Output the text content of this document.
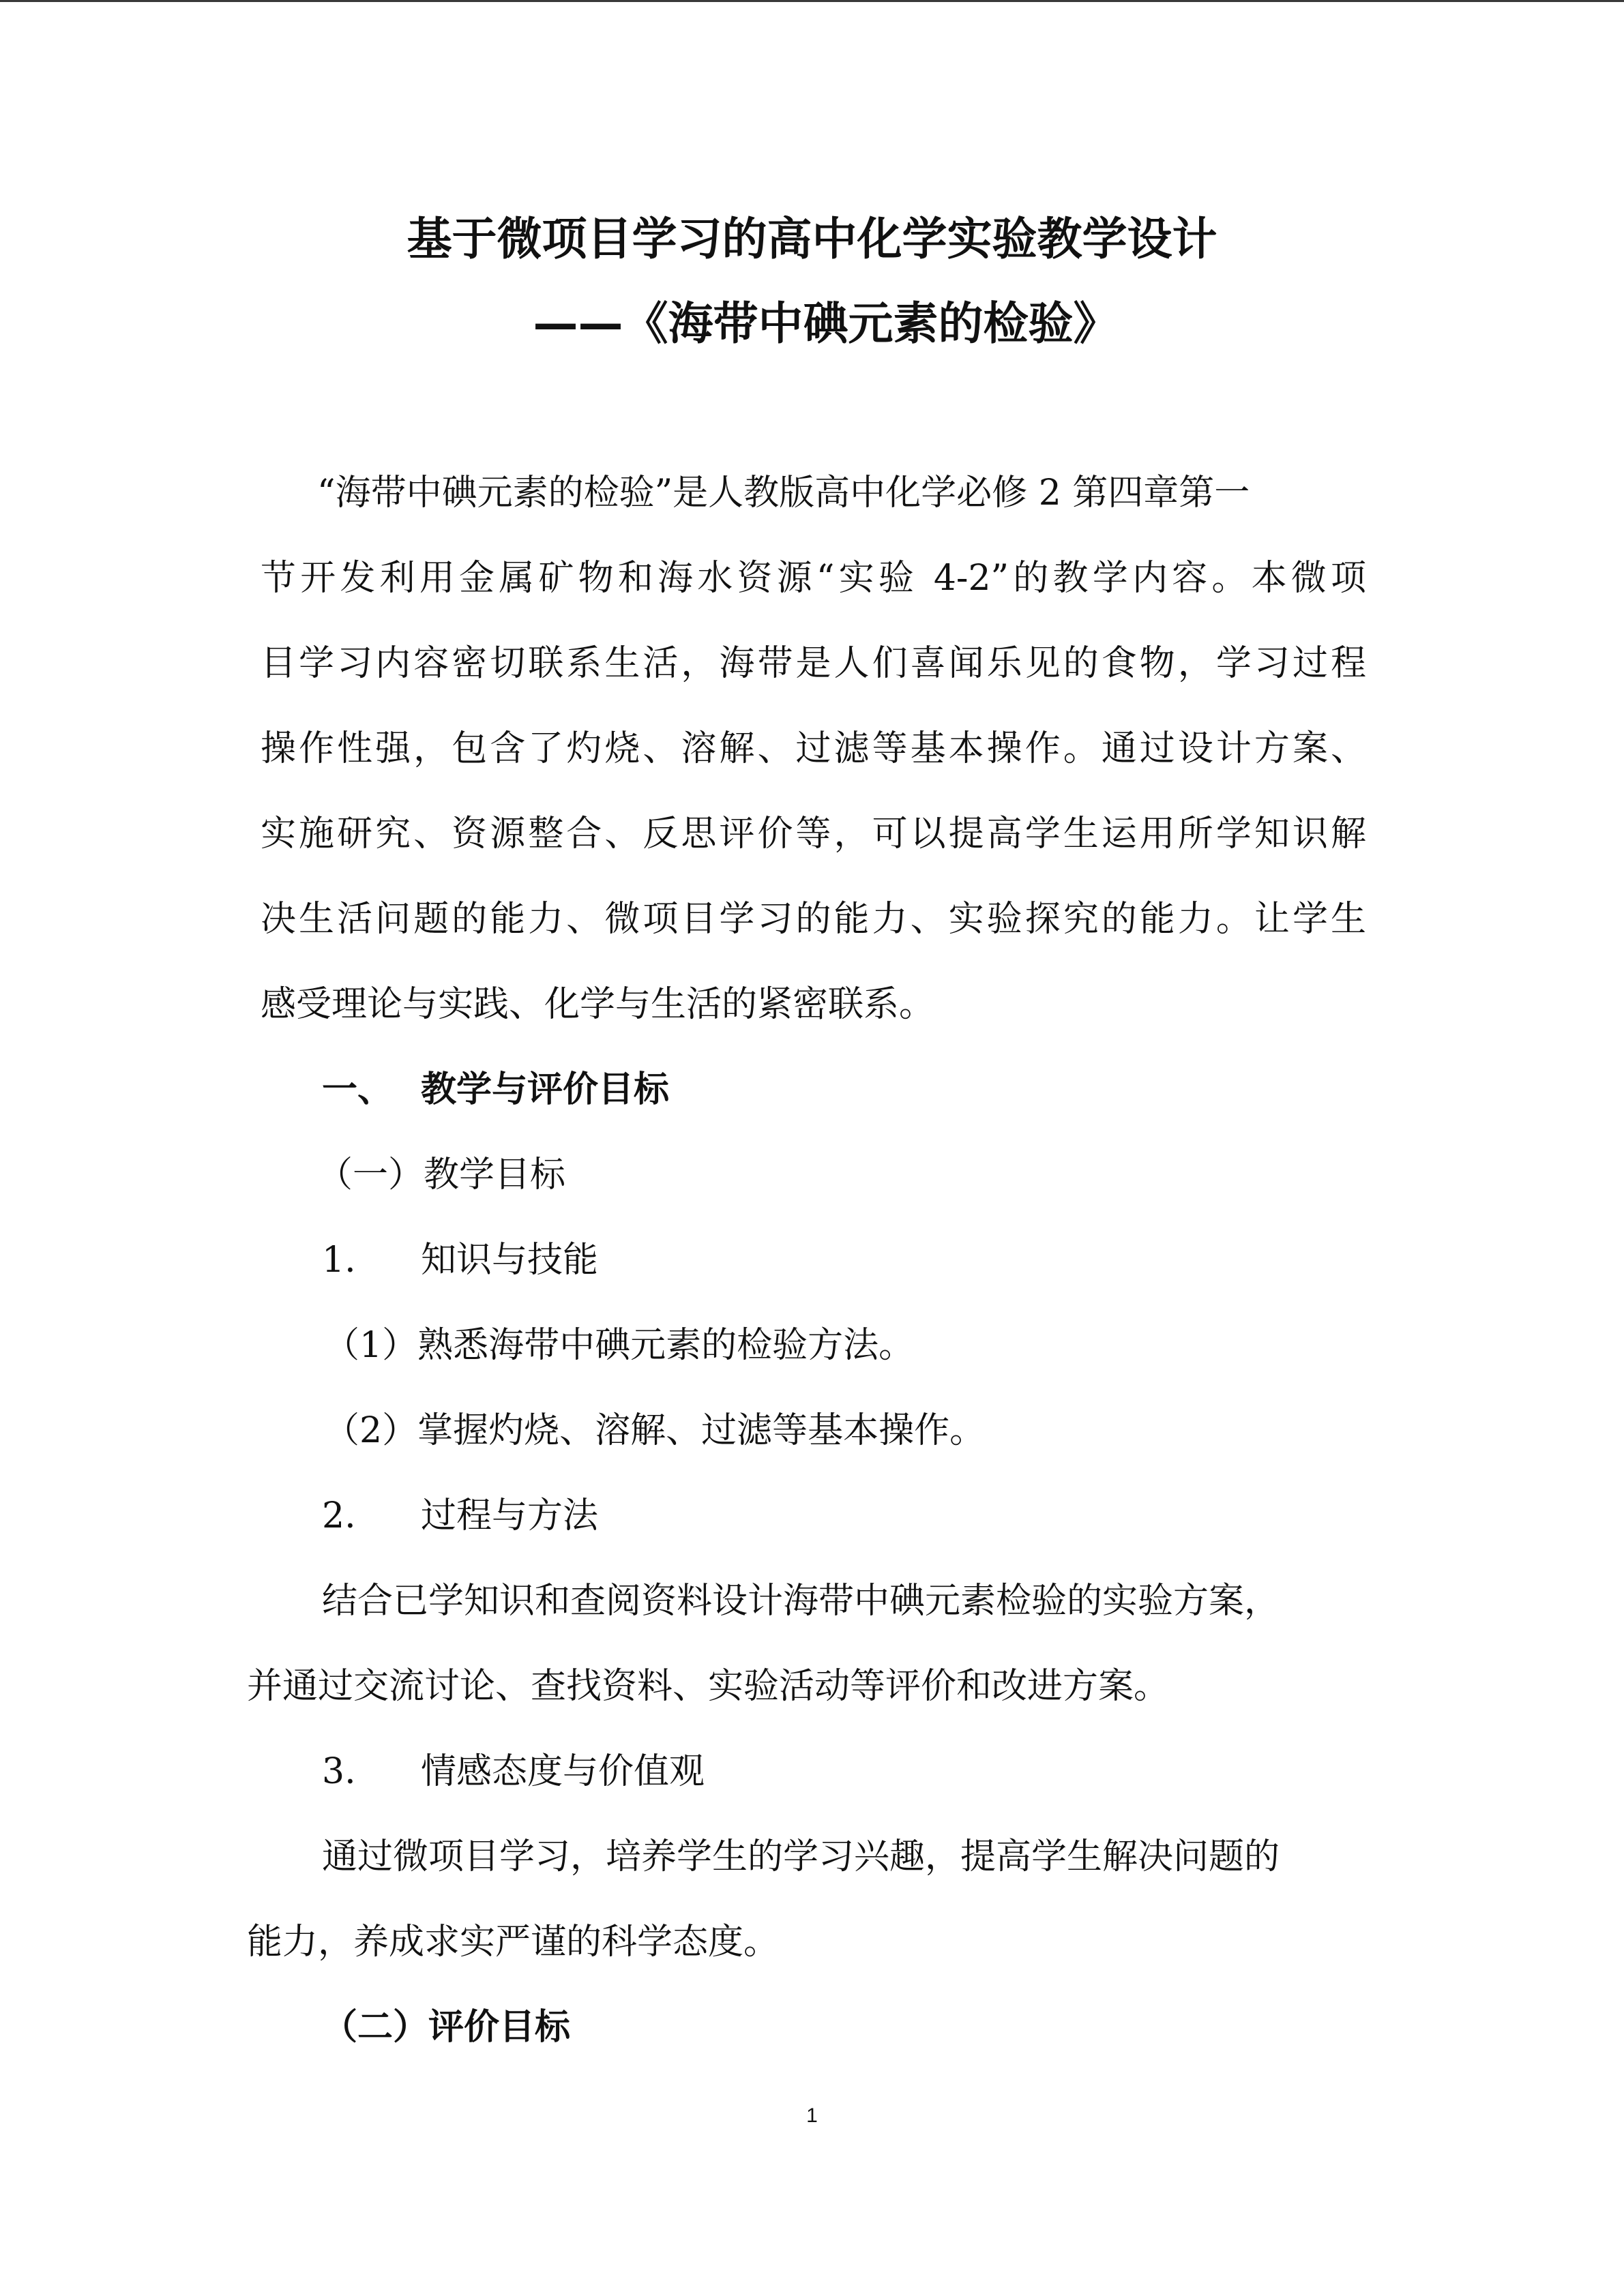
基于微项目学习的高中化学实验教学设计
——《海带中碘元素的检验》
“海带中碘元素的检验”是人教版高中化学必修 2 第四章第一
节开发利用金属矿物和海水资源“实验 4-2”的教学内容。本微项
目学习内容密切联系生活，海带是人们喜闻乐见的食物，学习过程
操作性强，包含了灼烧、溶解、过滤等基本操作。通过设计方案、
实施研究、资源整合、反思评价等，可以提高学生运用所学知识解
决生活问题的能力、微项目学习的能力、实验探究的能力。让学生
感受理论与实践、化学与生活的紧密联系。
一、 教学与评价目标
（一）教学目标
1. 知识与技能
（1）熟悉海带中碘元素的检验方法。
（2）掌握灼烧、溶解、过滤等基本操作。
2. 过程与方法
结合已学知识和查阅资料设计海带中碘元素检验的实验方案，
并通过交流讨论、查找资料、实验活动等评价和改进方案。
3. 情感态度与价值观
通过微项目学习，培养学生的学习兴趣，提高学生解决问题的
能力，养成求实严谨的科学态度。
（二）评价目标
1
